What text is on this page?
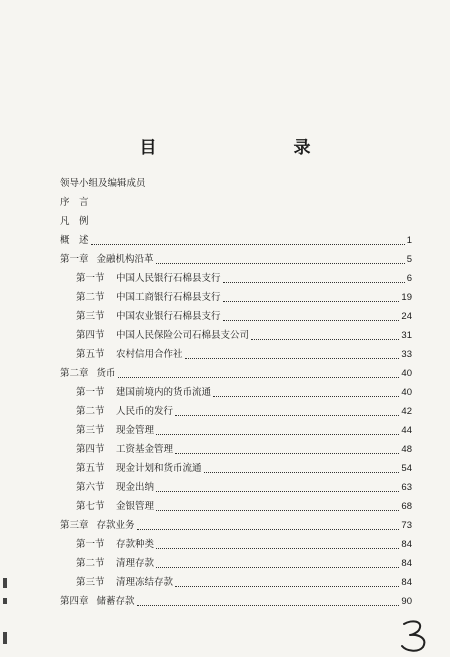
目　录
领导小组及编辑成员
序　言
凡　例
概　述	1
第一章 金融机构沿革	5
第一节 中国人民银行石棉县支行	6
第二节 中国工商银行石棉县支行	19
第三节 中国农业银行石棉县支行	24
第四节 中国人民保险公司石棉县支公司	31
第五节 农村信用合作社	33
第二章 货币	40
第一节 建国前境内的货币流通	40
第二节 人民币的发行	42
第三节 现金管理	44
第四节 工资基金管理	48
第五节 现金计划和货币流通	54
第六节 现金出纳	63
第七节 金银管理	68
第三章 存款业务	73
第一节 存款种类	84
第二节 清理存款	84
第三节 清理冻结存款	84
第四章 储蓄存款	90
